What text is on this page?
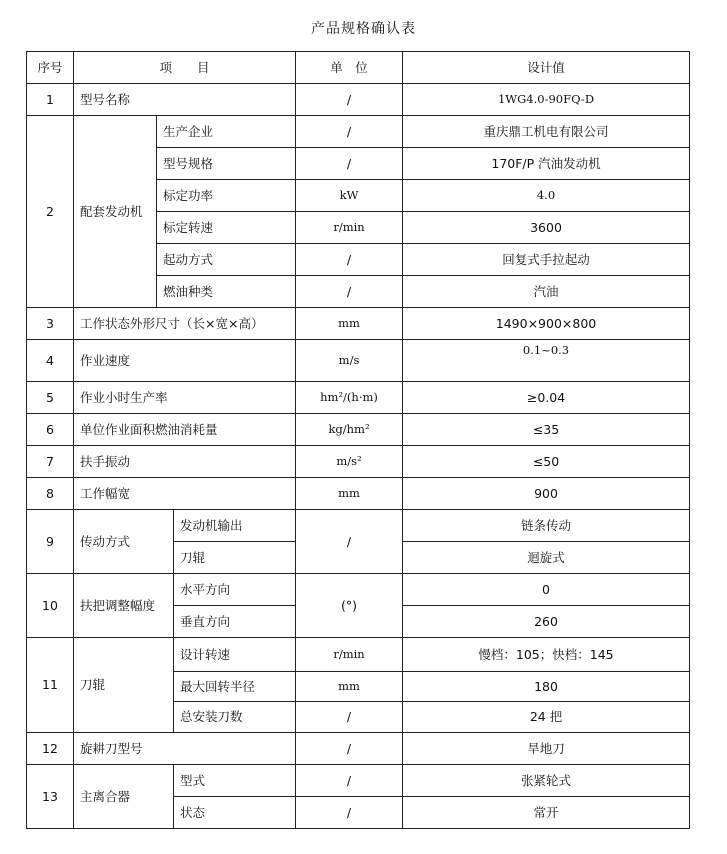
产品规格确认表
序号	项　　目			单　位	设计值
1	型号名称			/	1WG4.0-90FQ-D
2	配套发动机	生产企业		/	重庆鼎工机电有限公司
		型号规格		/	170F/P 汽油发动机
		标定功率		kW	4.0
		标定转速		r/min	3600
		起动方式		/	回复式手拉起动
		燃油种类		/	汽油
3	工作状态外形尺寸（长×宽×高）			mm	1490×900×800
4	作业速度			m/s	0.1~0.3
5	作业小时生产率			hm²/(h·m)	≥0.04
6	单位作业面积燃油消耗量			kg/hm²	≤35
7	扶手振动			m/s²	≤50
8	工作幅宽			mm	900
9	传动方式		发动机输出	/	链条传动
			刀辊		迴旋式
10	扶把调整幅度		水平方向	(°)	0
			垂直方向		260
11	刀辊		设计转速	r/min	慢档：105；快档：145
			最大回转半径	mm	180
			总安装刀数	/	24 把
12	旋耕刀型号			/	旱地刀
13	主离合器		型式	/	张紧轮式
			状态	/	常开
